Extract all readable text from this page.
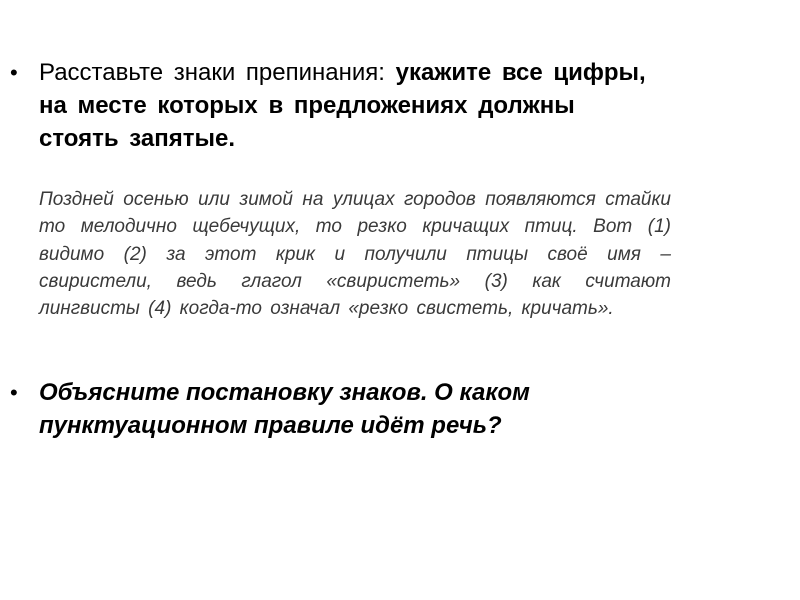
• Расставьте знаки препинания: укажите все цифры, на месте которых в предложениях должны стоять запятые.

Поздней осенью или зимой на улицах городов появляются стайки то мелодично щебечущих, то резко кричащих птиц. Вот (1) видимо (2) за этот крик и получили птицы своё имя – свиристели, ведь глагол «свиристеть» (3) как считают лингвисты (4) когда-то означал «резко свистеть, кричать».

• Объясните постановку знаков. О каком пунктуационном правиле идёт речь?
